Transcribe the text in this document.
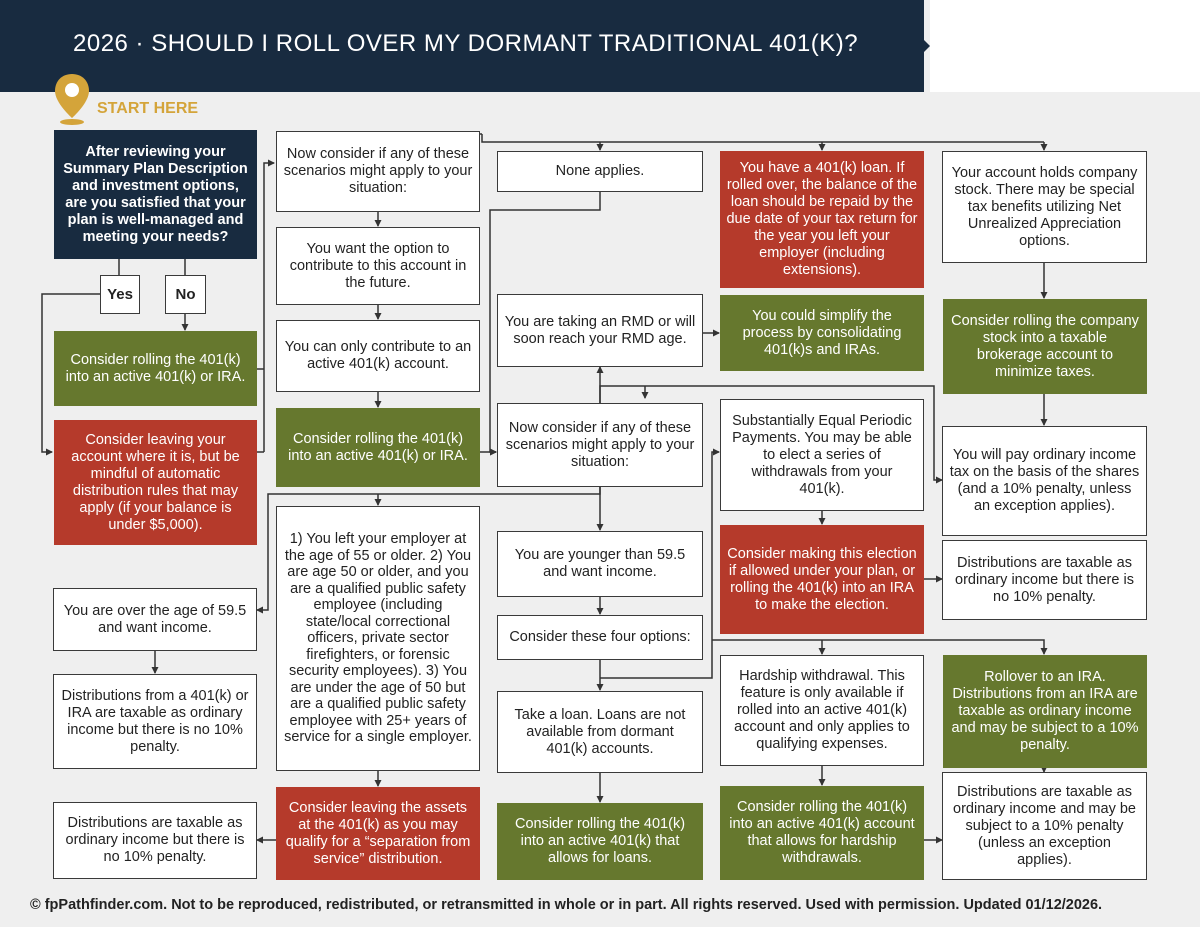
2026 · SHOULD I ROLL OVER MY DORMANT TRADITIONAL 401(K)?
START HERE
After reviewing your Summary Plan Description and investment options, are you satisfied that your plan is well-managed and meeting your needs?
Yes	No
Consider rolling the 401(k) into an active 401(k) or IRA.
Consider leaving your account where it is, but be mindful of automatic distribution rules that may apply (if your balance is under $5,000).
You are over the age of 59.5 and want income.
Distributions from a 401(k) or IRA are taxable as ordinary income but there is no 10% penalty.
Distributions are taxable as ordinary income but there is no 10% penalty.
Now consider if any of these scenarios might apply to your situation:
You want the option to contribute to this account in the future.
You can only contribute to an active 401(k) account.
Consider rolling the 401(k) into an active 401(k) or IRA.
1) You left your employer at the age of 55 or older. 2) You are age 50 or older, and you are a qualified public safety employee (including state/local correctional officers, private sector firefighters, or forensic security employees). 3) You are under the age of 50 but are a qualified public safety employee with 25+ years of service for a single employer.
Consider leaving the assets at the 401(k) as you may qualify for a “separation from service” distribution.
None applies.
You are taking an RMD or will soon reach your RMD age.
Now consider if any of these scenarios might apply to your situation:
You are younger than 59.5 and want income.
Consider these four options:
Take a loan. Loans are not available from dormant 401(k) accounts.
Consider rolling the 401(k) into an active 401(k) that allows for loans.
You have a 401(k) loan. If rolled over, the balance of the loan should be repaid by the due date of your tax return for the year you left your employer (including extensions).
You could simplify the process by consolidating 401(k)s and IRAs.
Substantially Equal Periodic Payments. You may be able to elect a series of withdrawals from your 401(k).
Consider making this election if allowed under your plan, or rolling the 401(k) into an IRA to make the election.
Hardship withdrawal. This feature is only available if rolled into an active 401(k) account and only applies to qualifying expenses.
Consider rolling the 401(k) into an active 401(k) account that allows for hardship withdrawals.
Your account holds company stock. There may be special tax benefits utilizing Net Unrealized Appreciation options.
Consider rolling the company stock into a taxable brokerage account to minimize taxes.
You will pay ordinary income tax on the basis of the shares (and a 10% penalty, unless an exception applies).
Distributions are taxable as ordinary income but there is no 10% penalty.
Rollover to an IRA. Distributions from an IRA are taxable as ordinary income and may be subject to a 10% penalty.
Distributions are taxable as ordinary income and may be subject to a 10% penalty (unless an exception applies).
© fpPathfinder.com. Not to be reproduced, redistributed, or retransmitted in whole or in part. All rights reserved. Used with permission. Updated 01/12/2026.
